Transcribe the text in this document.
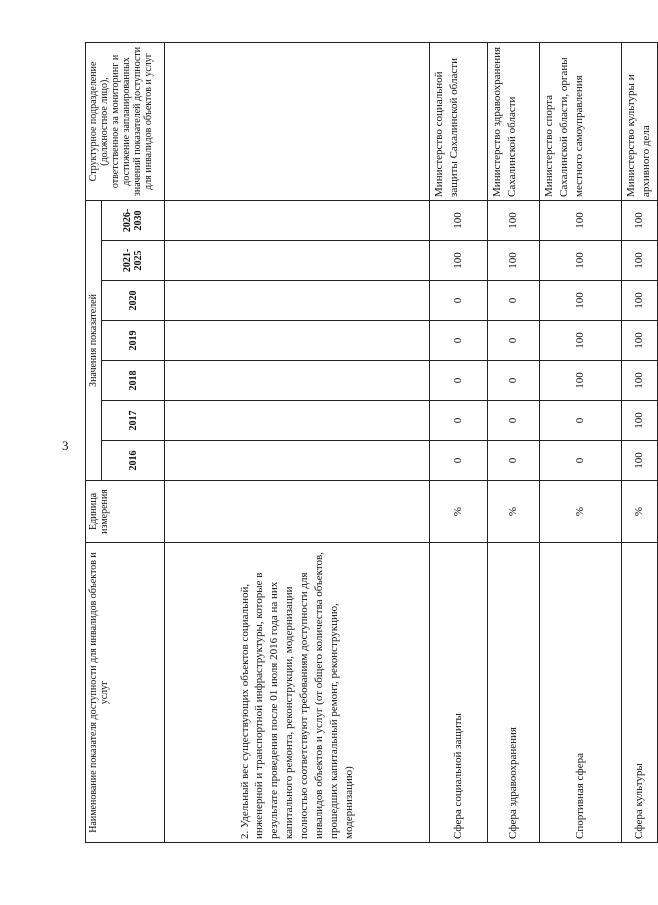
3
Наименование показателя доступности для инвалидов объектов и услуг	Единица измерения	Значения показателей							Структурное подразделение (должностное лицо), ответственное за мониторинг и достижение запланированных значений показателей доступности для инвалидов объектов и услуг
		2016	2017	2018	2019	2020	2021-2025	2026-2030	
2. Удельный вес существующих объектов социальной, инженерной и транспортной инфраструктуры, которые в результате проведения после 01 июля 2016 года на них капитального ремонта, реконструкции, модернизации полностью соответствуют требованиям доступности для инвалидов объектов и услуг (от общего количества объектов, прошедших капитальный ремонт, реконструкцию, модернизацию)									
Сфера социальной защиты	%	0	0	0	0	0	100	100	Министерство социальной защиты Сахалинской области
Сфера здравоохранения	%	0	0	0	0	0	100	100	Министерство здравоохранения Сахалинской области
Спортивная сфера	%	0	0	100	100	100	100	100	Министерство спорта Сахалинской области, органы местного самоуправления
Сфера культуры	%	100	100	100	100	100	100	100	Министерство культуры и архивного дела
